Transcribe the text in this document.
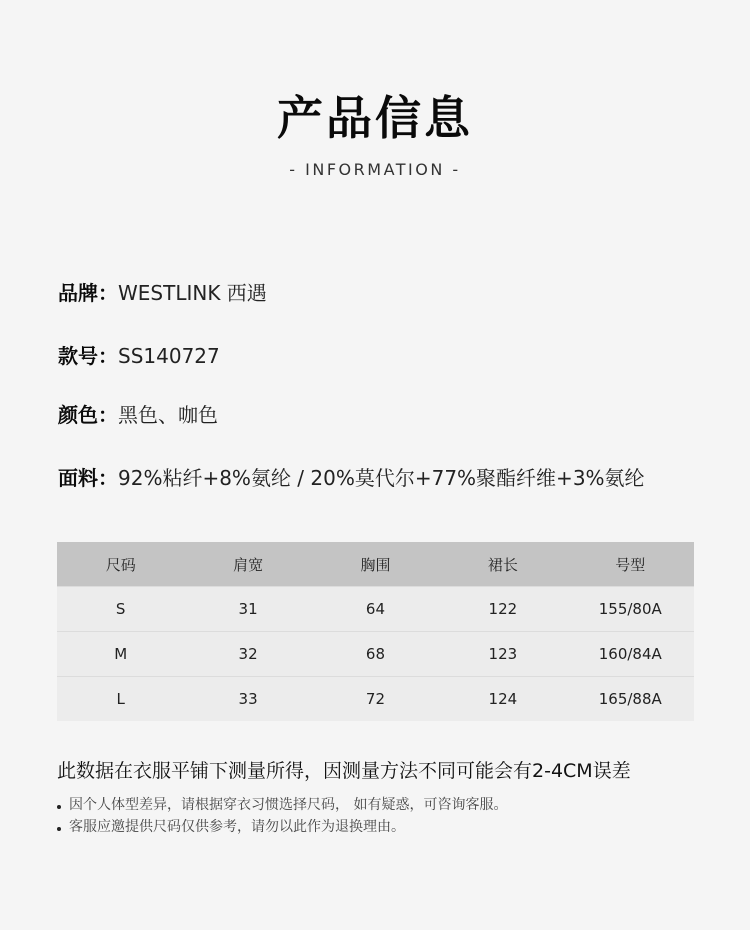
产品信息
- INFORMATION -
品牌：WESTLINK 西遇
款号：SS140727
颜色：黑色、咖色
面料：92%粘纤+8%氨纶 / 20%莫代尔+77%聚酯纤维+3%氨纶
尺码	肩宽	胸围	裙长	号型
S	31	64	122	155/80A
M	32	68	123	160/84A
L	33	72	124	165/88A
此数据在衣服平铺下测量所得，因测量方法不同可能会有2-4CM误差
因个人体型差异，请根据穿衣习惯选择尺码， 如有疑惑，可咨询客服。
客服应邀提供尺码仅供参考，请勿以此作为退换理由。
